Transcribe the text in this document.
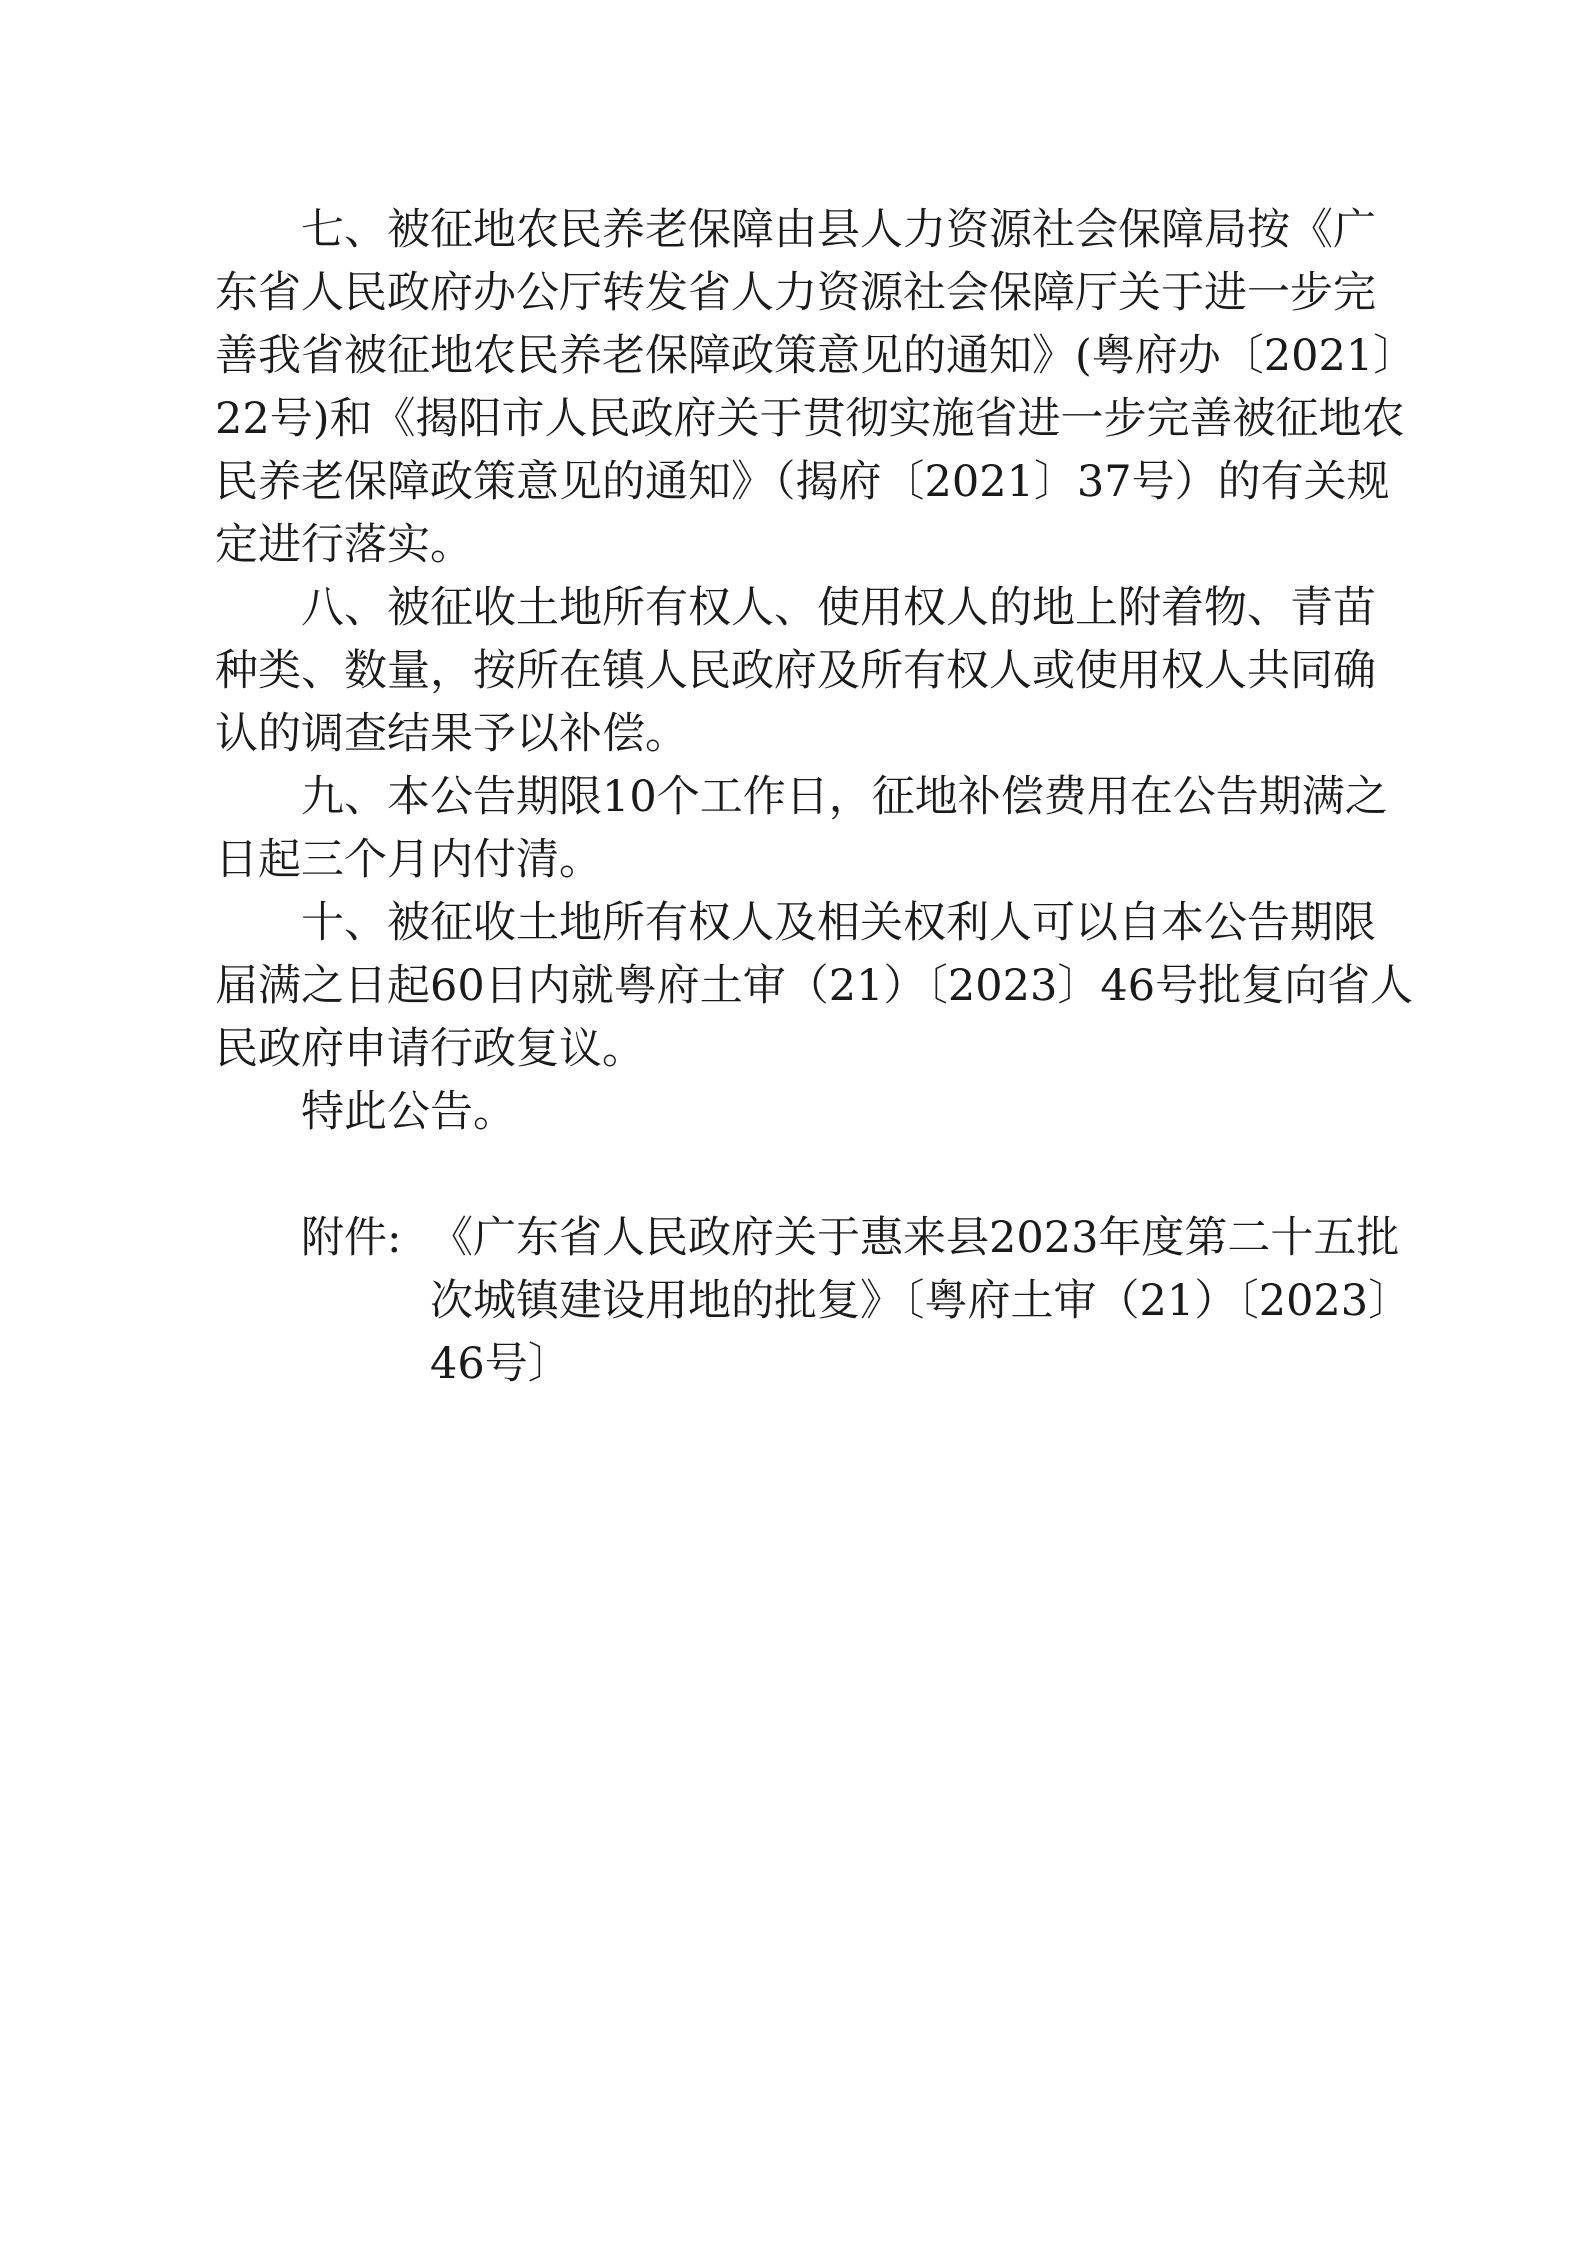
七、被征地农民养老保障由县人力资源社会保障局按《广
东省人民政府办公厅转发省人力资源社会保障厅关于进一步完
善我省被征地农民养老保障政策意见的通知》(粤府办〔2021〕
22号)和《揭阳市人民政府关于贯彻实施省进一步完善被征地农
民养老保障政策意见的通知》（揭府〔2021〕37号）的有关规
定进行落实。
八、被征收土地所有权人、使用权人的地上附着物、青苗
种类、数量，按所在镇人民政府及所有权人或使用权人共同确
认的调查结果予以补偿。
九、本公告期限10个工作日，征地补偿费用在公告期满之
日起三个月内付清。
十、被征收土地所有权人及相关权利人可以自本公告期限
届满之日起60日内就粤府土审（21）〔2023〕46号批复向省人
民政府申请行政复议。
特此公告。
附件: 《广东省人民政府关于惠来县2023年度第二十五批
次城镇建设用地的批复》〔粤府土审（21）〔2023〕
46号〕
